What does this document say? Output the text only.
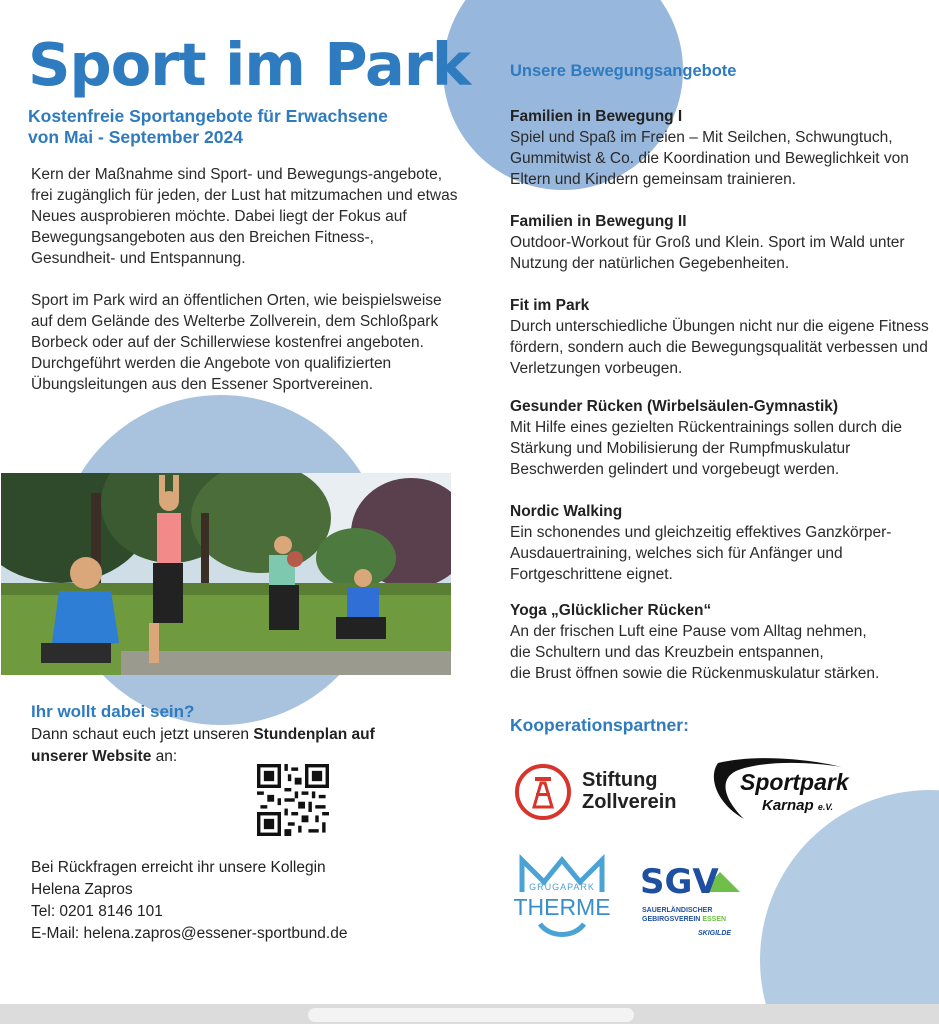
Sport im Park
Kostenfreie Sportangebote für Erwachsene
von Mai - September 2024
Kern der Maßnahme sind Sport- und Bewegungs-angebote, frei zugänglich für jeden, der Lust hat mitzumachen und etwas Neues ausprobieren möchte. Dabei liegt der Fokus auf Bewegungsangeboten aus den Breichen Fitness-, Gesundheit- und Entspannung.
Sport im Park wird an öffentlichen Orten, wie beispielsweise auf dem Gelände des Welterbe Zollverein, dem Schloßpark Borbeck oder auf der Schillerwiese kostenfrei angeboten.
Durchgeführt werden die Angebote von qualifizierten Übungsleitungen aus den Essener Sportvereinen.
Ihr wollt dabei sein?
Dann schaut euch jetzt unseren Stundenplan auf unserer Website an:
Bei Rückfragen erreicht ihr unsere Kollegin
Helena Zapros
Tel: 0201 8146 101
E-Mail: helena.zapros@essener-sportbund.de
Unsere Bewegungsangebote
Familien in Bewegung I
Spiel und Spaß im Freien – Mit Seilchen, Schwungtuch, Gummitwist & Co. die Koordination und Beweglichkeit von Eltern und Kindern gemeinsam trainieren.
Familien in Bewegung II
Outdoor-Workout für Groß und Klein. Sport im Wald unter Nutzung der natürlichen Gegebenheiten.
Fit im Park
Durch unterschiedliche Übungen nicht nur die eigene Fitness fördern, sondern auch die Bewegungsqualität verbessen und Verletzungen vorbeugen.
Gesunder Rücken (Wirbelsäulen-Gymnastik)
Mit Hilfe eines gezielten Rückentrainings sollen durch die Stärkung und Mobilisierung der Rumpfmuskulatur Beschwerden gelindert und vorgebeugt werden.
Nordic Walking
Ein schonendes und gleichzeitig effektives Ganzkörper-Ausdauertraining, welches sich für Anfänger und Fortgeschrittene eignet.
Yoga „Glücklicher Rücken“
An der frischen Luft eine Pause vom Alltag nehmen,
die Schultern und das Kreuzbein entspannen,
die Brust öffnen sowie die Rückenmuskulatur stärken.
Kooperationspartner:
Stiftung
Zollverein
Sportpark
Karnap e.V.
GRUGAPARK
THERME
SGV
SAUERLÄNDISCHER
GEBIRGSVEREIN ESSEN
SKIGILDE
